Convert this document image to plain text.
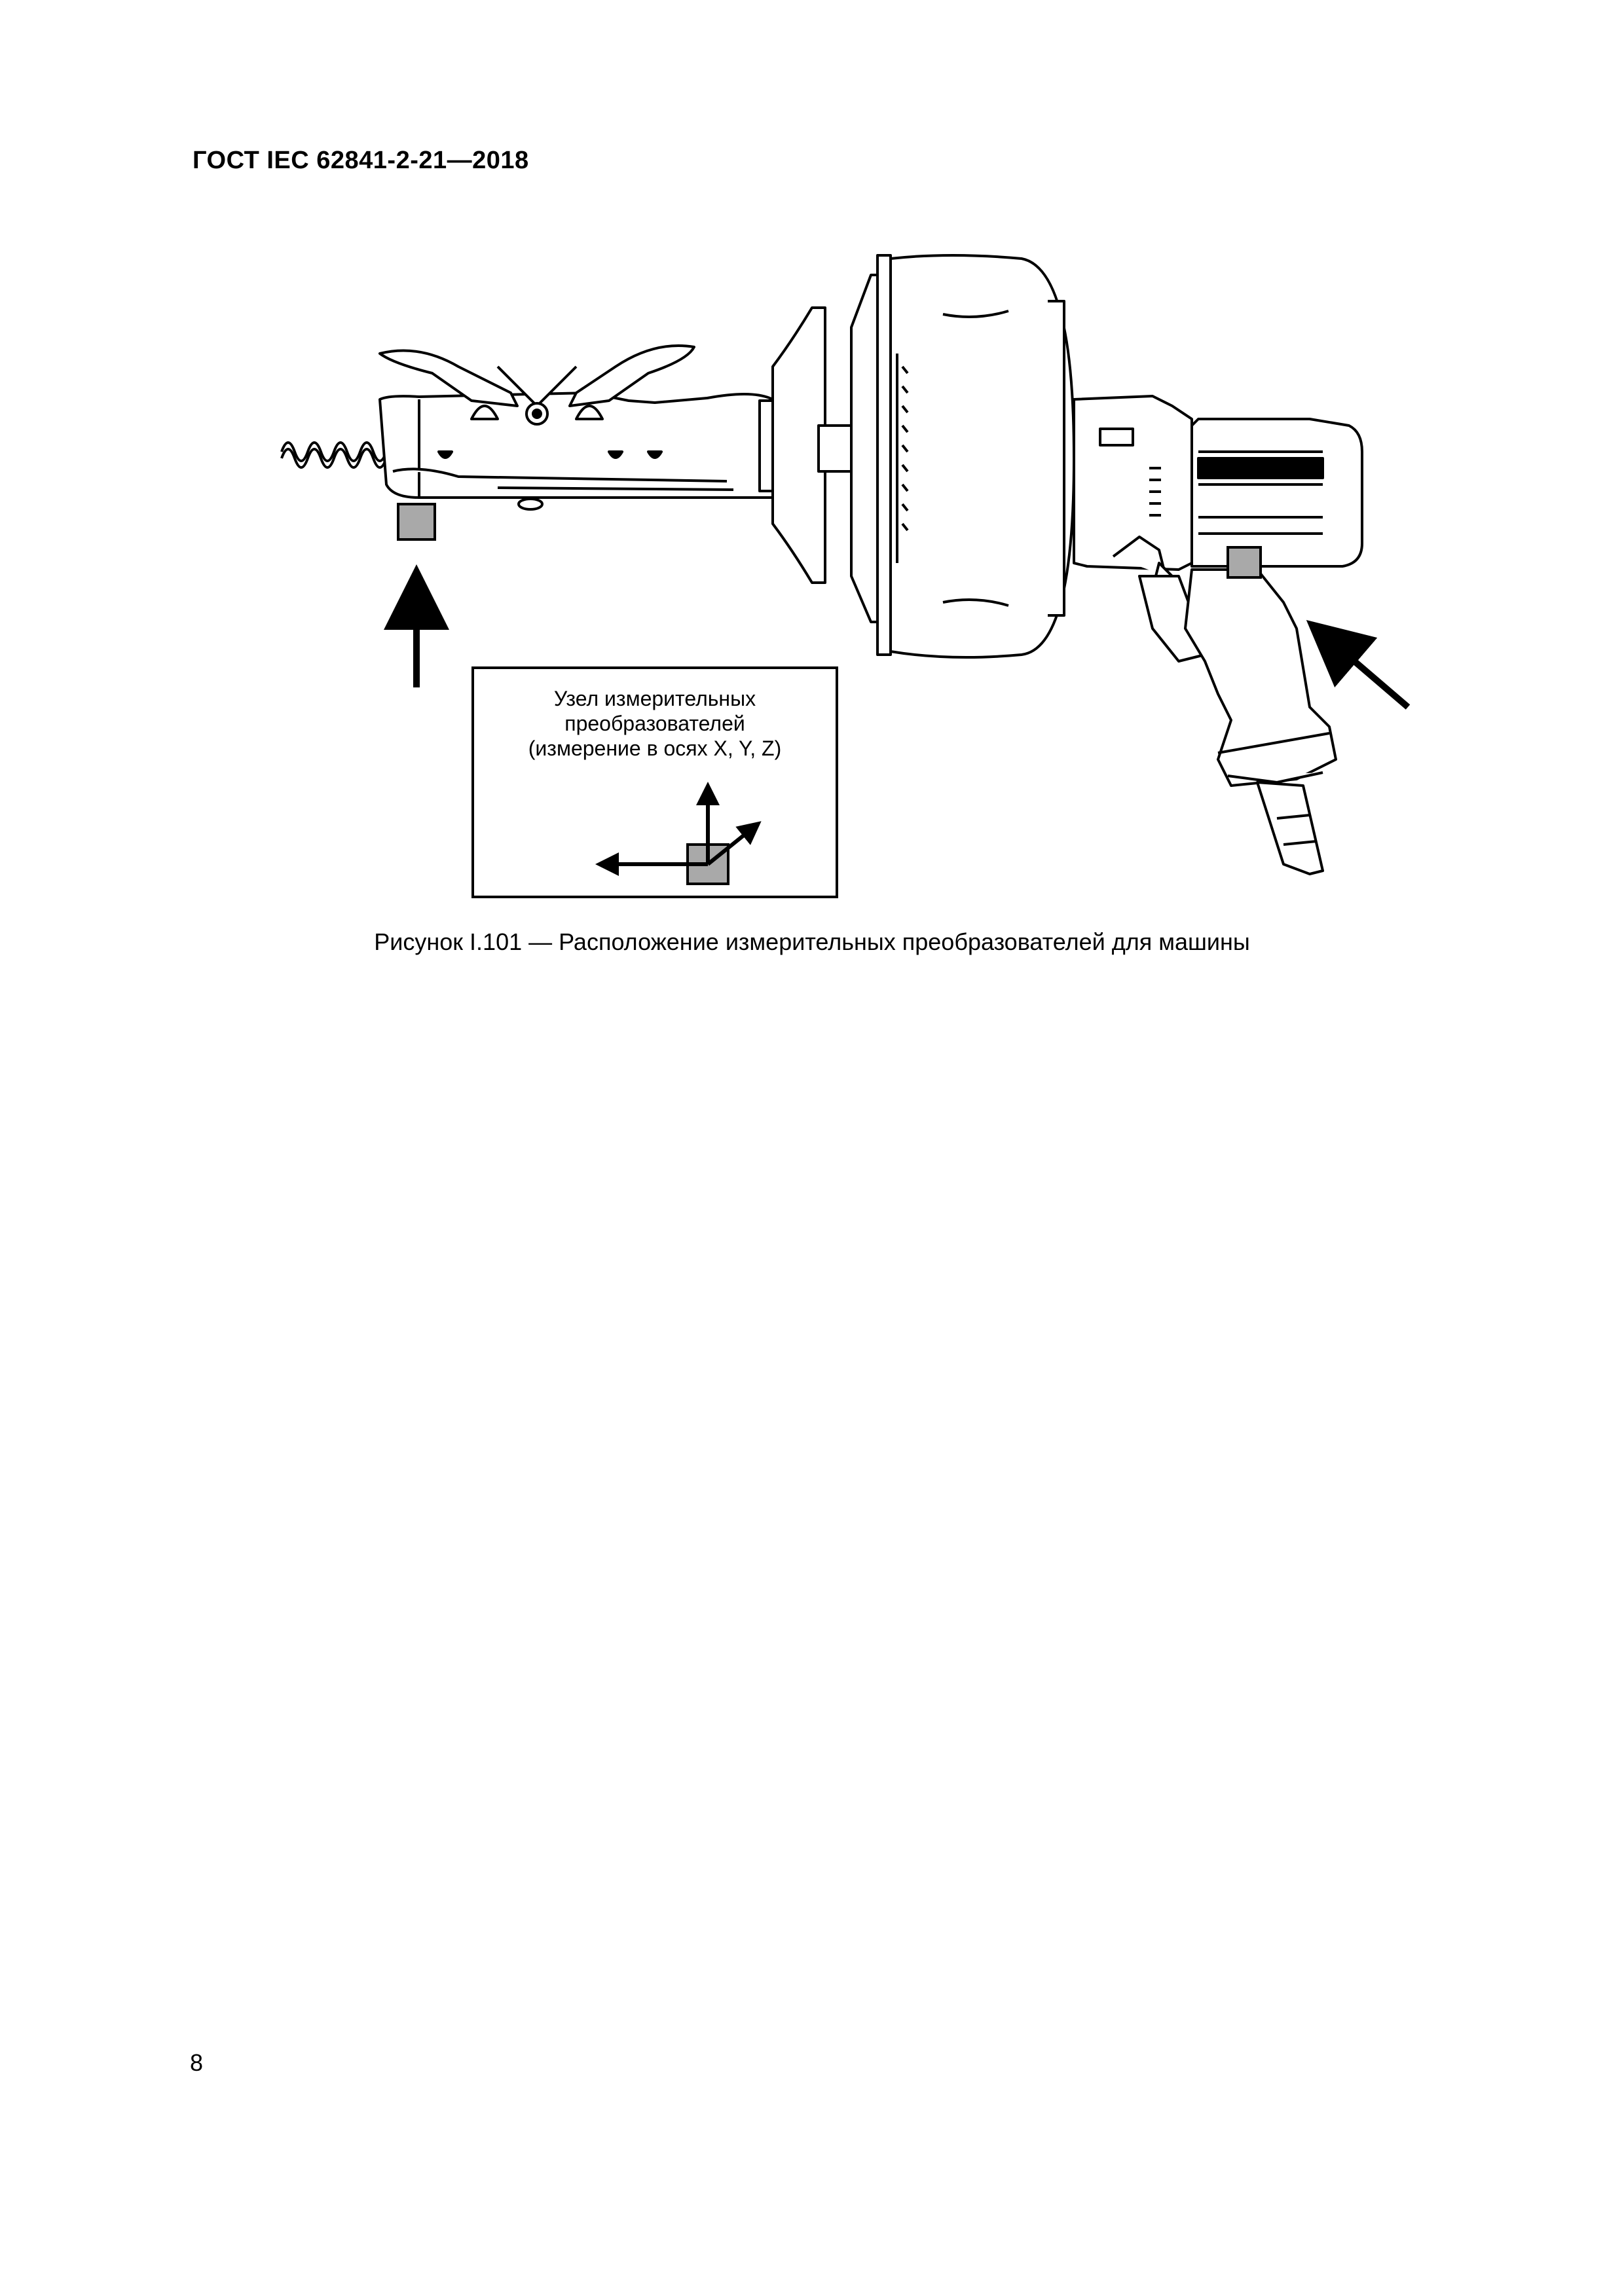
ГОСТ IEC 62841-2-21—2018
Узел измерительных
преобразователей
(измерение в осях X, Y, Z)
Рисунок I.101 — Расположение измерительных преобразователей для машины
8
